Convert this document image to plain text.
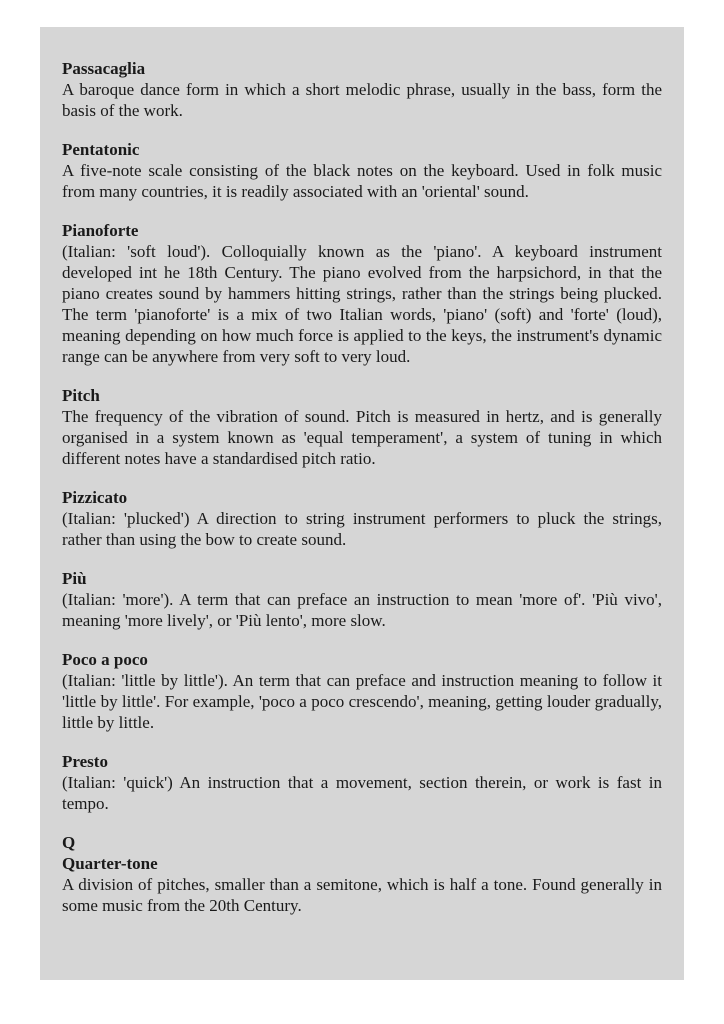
Passacaglia

A baroque dance form in which a short melodic phrase, usually in the bass, form the basis of the work.

Pentatonic

A five-note scale consisting of the black notes on the keyboard. Used in folk music from many countries, it is readily associated with an 'oriental' sound.

Pianoforte

(Italian: 'soft loud'). Colloquially known as the 'piano'. A keyboard instrument developed int he 18th Century. The piano evolved from the harpsichord, in that the piano creates sound by hammers hitting strings, rather than the strings being plucked. The term 'pianoforte' is a mix of two Italian words, 'piano' (soft) and 'forte' (loud), meaning depending on how much force is applied to the keys, the instrument's dynamic range can be anywhere from very soft to very loud.

Pitch

The frequency of the vibration of sound. Pitch is measured in hertz, and is generally organised in a system known as 'equal temperament', a system of tuning in which different notes have a standardised pitch ratio.

Pizzicato

(Italian: 'plucked') A direction to string instrument performers to pluck the strings, rather than using the bow to create sound.

Più

(Italian: 'more'). A term that can preface an instruction to mean 'more of'. 'Più vivo', meaning 'more lively', or 'Più lento', more slow.

Poco a poco

(Italian: 'little by little'). An term that can preface and instruction meaning to follow it 'little by little'. For example, 'poco a poco crescendo', meaning, getting louder gradually, little by little.

Presto

(Italian: 'quick') An instruction that a movement, section therein, or work is fast in tempo.

Q

Quarter-tone

A division of pitches, smaller than a semitone, which is half a tone. Found generally in some music from the 20th Century.
